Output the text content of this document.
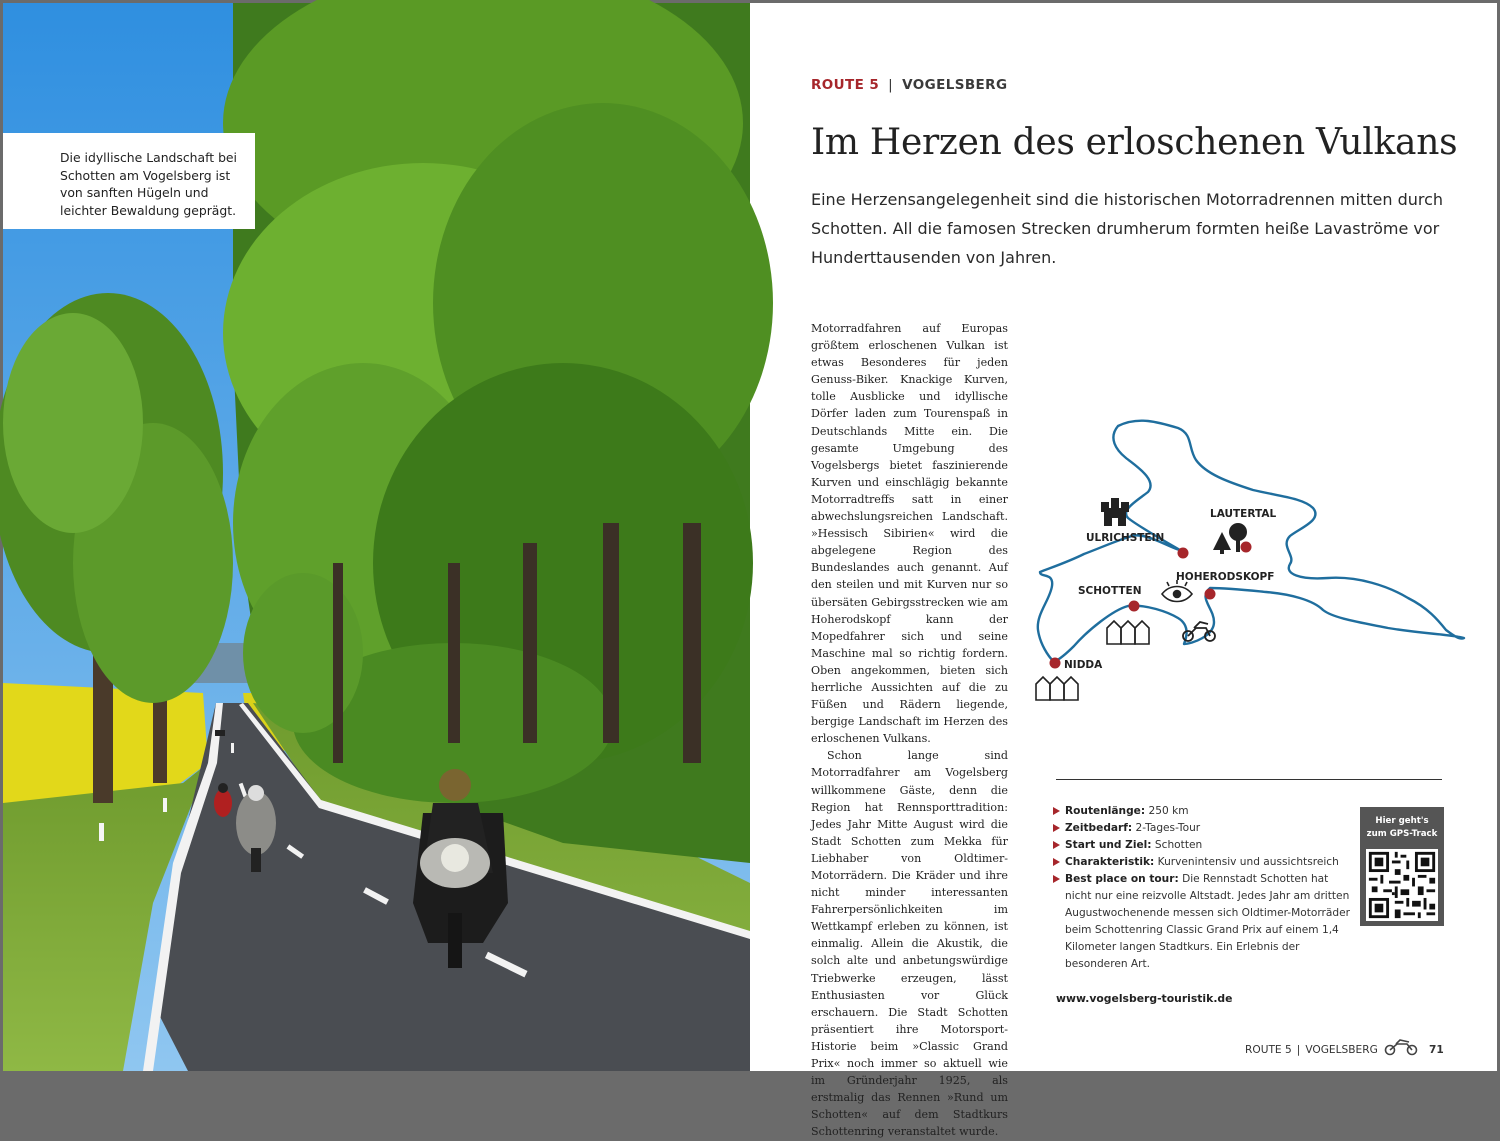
Die idyllische Landschaft bei Schotten am Vogelsberg ist von sanften Hügeln und leichter Bewaldung geprägt.

ROUTE 5 | VOGELSBERG
Im Herzen des erloschenen Vulkans

Eine Herzensangelegenheit sind die historischen Motorradrennen mitten durch Schotten. All die famosen Strecken drumherum formten heiße Lavaströme vor Hunderttausenden von Jahren.

Motorradfahren auf Europas größtem erloschenen Vulkan ist etwas Besonderes für jeden Genuss-Biker. Knackige Kurven, tolle Ausblicke und idyllische Dörfer laden zum Tourenspaß in Deutschlands Mitte ein. Die gesamte Umgebung des Vogelsbergs bietet faszinierende Kurven und einschlägig bekannte Motorradtreffs satt in einer abwechslungsreichen Landschaft. »Hessisch Sibirien« wird die abgelegene Region des Bundeslandes auch genannt. Auf den steilen und mit Kurven nur so übersäten Gebirgsstrecken wie am Hoherodskopf kann der Mopedfahrer sich und seine Maschine mal so richtig fordern. Oben angekommen, bieten sich herrliche Aussichten auf die zu Füßen und Rädern liegende, bergige Landschaft im Herzen des erloschenen Vulkans.

Schon lange sind Motorradfahrer am Vogelsberg willkommene Gäste, denn die Region hat Rennsporttradition: Jedes Jahr Mitte August wird die Stadt Schotten zum Mekka für Liebhaber von Oldtimer-Motorrädern. Die Kräder und ihre nicht minder interessanten Fahrerpersönlichkeiten im Wettkampf erleben zu können, ist einmalig. Allein die Akustik, die solch alte und anbetungswürdige Triebwerke erzeugen, lässt Enthusiasten vor Glück erschauern. Die Stadt Schotten präsentiert ihre Motorsport-Historie beim »Classic Grand Prix« noch immer so aktuell wie im Gründerjahr 1925, als erstmalig das Rennen »Rund um Schotten« auf dem Stadtkurs Schottenring veranstaltet wurde.

ULRICHSTEIN
LAUTERTAL
SCHOTTEN
HOHERODSKOPF
NIDDA
Routenlänge: 250 km
Zeitbedarf: 2-Tages-Tour
Start und Ziel: Schotten
Charakteristik: Kurvenintensiv und aussichtsreich
Best place on tour: Die Rennstadt Schotten hat nicht nur eine reizvolle Altstadt. Jedes Jahr am dritten Augustwochenende messen sich Oldtimer-Motorräder beim Schottenring Classic Grand Prix auf einem 1,4 Kilometer langen Stadtkurs. Ein Erlebnis der besonderen Art.
www.vogelsberg-touristik.de
Hier geht's
zum GPS-Track
ROUTE 5 | VOGELSBERG	71
